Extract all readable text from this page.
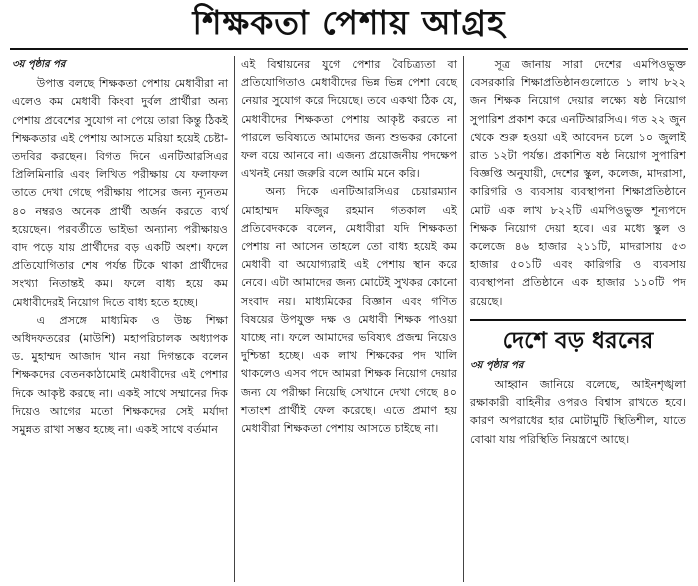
শিক্ষকতা পেশায় আগ্রহ

৩য় পৃষ্ঠার পর

উপাত্ত বলছে শিক্ষকতা পেশায় মেধাবীরা না এলেও কম মেধাবী কিংবা দুর্বল প্রার্থীরা অন্য পেশায় প্রবেশের সুযোগ না পেয়ে তারা কিন্তু ঠিকই শিক্ষকতার এই পেশায় আসতে মরিয়া হয়েই চেষ্টা-তদবির করছেন। বিগত দিনে এনটিআরসিএর প্রিলিমিনারি এবং লিখিত পরীক্ষায় যে ফলাফল তাতে দেখা গেছে পরীক্ষায় পাসের জন্য ন্যূনতম ৪০ নম্বরও অনেক প্রার্থী অর্জন করতে ব্যর্থ হয়েছেন। পরবর্তীতে ভাইভা অন্যান্য পরীক্ষায়ও বাদ পড়ে যায় প্রার্থীদের বড় একটি অংশ। ফলে প্রতিযোগিতার শেষ পর্যন্ত টিকে থাকা প্রার্থীদের সংখ্যা নিতান্তই কম। ফলে বাধ্য হয়ে কম মেধাবীদেরই নিয়োগ দিতে বাধ্য হতে হচ্ছে।

এ প্রসঙ্গে মাধ্যমিক ও উচ্চ শিক্ষা অধিদফতরের (মাউশি) মহাপরিচালক অধ্যাপক ড. মুহাম্মদ আজাদ খান নয়া দিগন্তকে বলেন শিক্ষকদের বেতনকাঠামোই মেধাবীদের এই পেশার দিকে আকৃষ্ট করছে না। একই সাথে সম্মানের দিক দিয়েও আগের মতো শিক্ষকদের সেই মর্যাদা সমুন্নত রাখা সম্ভব হচ্ছে না। একই সাথে বর্তমান

এই বিশ্বায়নের যুগে পেশার বৈচিত্র্যতা বা প্রতিযোগিতাও মেধাবীদের ভিন্ন ভিন্ন পেশা বেছে নেয়ার সুযোগ করে দিয়েছে। তবে একথা ঠিক যে, মেধাবীদের শিক্ষকতা পেশায় আকৃষ্ট করতে না পারলে ভবিষ্যতে আমাদের জন্য শুভকর কোনো ফল বয়ে আনবে না। এজন্য প্রয়োজনীয় পদক্ষেপ এখনই নেয়া জরুরি বলে আমি মনে করি।

অন্য দিকে এনটিআরসিএর চেয়ারম্যান মোহাম্মদ মফিজুর রহমান গতকাল এই প্রতিবেদককে বলেন, মেধাবীরা যদি শিক্ষকতা পেশায় না আসেন তাহলে তো বাধ্য হয়েই কম মেধাবী বা অযোগ্যরাই এই পেশায় স্থান করে নেবে। এটা আমাদের জন্য মোটেই সুখকর কোনো সংবাদ নয়। মাধ্যমিকের বিজ্ঞান এবং গণিত বিষয়ের উপযুক্ত দক্ষ ও মেধাবী শিক্ষক পাওয়া যাচ্ছে না। ফলে আমাদের ভবিষ্যৎ প্রজন্ম নিয়েও দুশ্চিন্তা হচ্ছে। এক লাখ শিক্ষকের পদ খালি থাকলেও এসব পদে আমরা শিক্ষক নিয়োগ দেয়ার জন্য যে পরীক্ষা নিয়েছি সেখানে দেখা গেছে ৪০ শতাংশ প্রার্থীই ফেল করেছে। এতে প্রমাণ হয় মেধাবীরা শিক্ষকতা পেশায় আসতে চাইছে না।

সূত্র জানায় সারা দেশের এমপিওভুক্ত বেসরকারি শিক্ষাপ্রতিষ্ঠানগুলোতে ১ লাখ ৮২২ জন শিক্ষক নিয়োগ দেয়ার লক্ষ্যে ষষ্ঠ নিয়োগ সুপারিশ প্রকাশ করে এনটিআরসিএ। গত ২২ জুন থেকে শুরু হওয়া এই আবেদন চলে ১০ জুলাই রাত ১২টা পর্যন্ত। প্রকাশিত ষষ্ঠ নিয়োগ সুপারিশ বিজ্ঞপ্তি অনুযায়ী, দেশের স্কুল, কলেজ, মাদরাসা, কারিগরি ও ব্যবসায় ব্যবস্থাপনা শিক্ষাপ্রতিষ্ঠানে মোট এক লাখ ৮২২টি এমপিওভুক্ত শূন্যপদে শিক্ষক নিয়োগ দেয়া হবে। এর মধ্যে স্কুল ও কলেজে ৪৬ হাজার ২১১টি, মাদরাসায় ৫৩ হাজার ৫০১টি এবং কারিগরি ও ব্যবসায় ব্যবস্থাপনা প্রতিষ্ঠানে এক হাজার ১১০টি পদ রয়েছে।

দেশে বড় ধরনের

৩য় পৃষ্ঠার পর

আহ্বান জানিয়ে বলেছে, আইনশৃঙ্খলা রক্ষাকারী বাহিনীর ওপরও বিশ্বাস রাখতে হবে। কারণ অপরাধের হার মোটামুটি স্থিতিশীল, যাতে বোঝা যায় পরিস্থিতি নিয়ন্ত্রণে আছে।
